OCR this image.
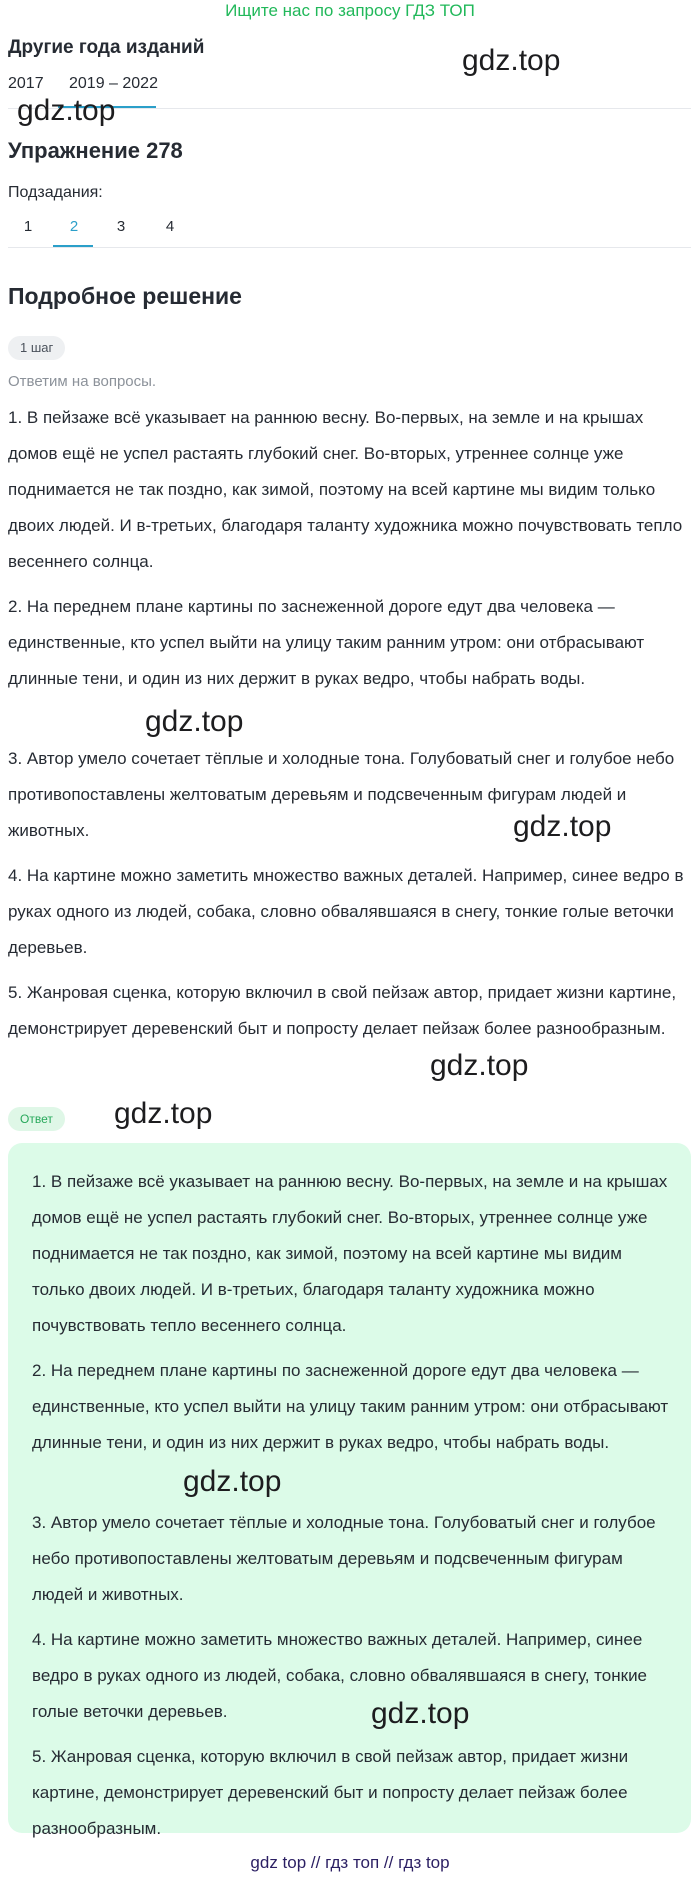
Ищите нас по запросу ГДЗ ТОП
Другие года изданий
2017 2019 – 2022
gdz.top
gdz.top
Упражнение 278
Подзадания:
1	2	3	4
Подробное решение
1 шаг
Ответим на вопросы.
1. В пейзаже всё указывает на раннюю весну. Во-первых, на земле и на крышах домов ещё не успел растаять глубокий снег. Во-вторых, утреннее солнце уже поднимается не так поздно, как зимой, поэтому на всей картине мы видим только двоих людей. И в-третьих, благодаря таланту художника можно почувствовать тепло весеннего солнца.
2. На переднем плане картины по заснеженной дороге едут два человека — единственные, кто успел выйти на улицу таким ранним утром: они отбрасывают длинные тени, и один из них держит в руках ведро, чтобы набрать воды.
3. Автор умело сочетает тёплые и холодные тона. Голубоватый снег и голубое небо противопоставлены желтоватым деревьям и подсвеченным фигурам людей и животных.
4. На картине можно заметить множество важных деталей. Например, синее ведро в руках одного из людей, собака, словно обвалявшаяся в снегу, тонкие голые веточки деревьев.
5. Жанровая сценка, которую включил в свой пейзаж автор, придает жизни картине, демонстрирует деревенский быт и попросту делает пейзаж более разнообразным.
gdz.top
gdz.top
gdz.top
Ответ	gdz.top
1. В пейзаже всё указывает на раннюю весну. Во-первых, на земле и на крышах домов ещё не успел растаять глубокий снег. Во-вторых, утреннее солнце уже поднимается не так поздно, как зимой, поэтому на всей картине мы видим только двоих людей. И в-третьих, благодаря таланту художника можно почувствовать тепло весеннего солнца.
2. На переднем плане картины по заснеженной дороге едут два человека — единственные, кто успел выйти на улицу таким ранним утром: они отбрасывают длинные тени, и один из них держит в руках ведро, чтобы набрать воды.
3. Автор умело сочетает тёплые и холодные тона. Голубоватый снег и голубое небо противопоставлены желтоватым деревьям и подсвеченным фигурам людей и животных.
4. На картине можно заметить множество важных деталей. Например, синее ведро в руках одного из людей, собака, словно обвалявшаяся в снегу, тонкие голые веточки деревьев.
5. Жанровая сценка, которую включил в свой пейзаж автор, придает жизни картине, демонстрирует деревенский быт и попросту делает пейзаж более разнообразным.
gdz.top
gdz.top
gdz top // гдз топ // гдз top
